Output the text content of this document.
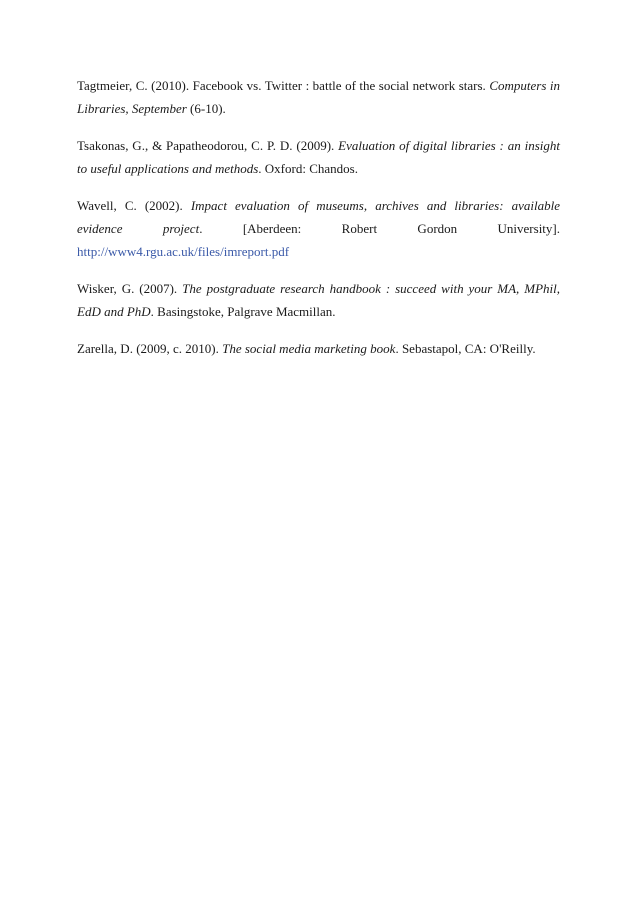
Tagtmeier, C. (2010). Facebook vs. Twitter : battle of the social network stars. Computers in Libraries, September (6-10).

Tsakonas, G., & Papatheodorou, C. P. D. (2009). Evaluation of digital libraries : an insight to useful applications and methods. Oxford: Chandos.

Wavell, C. (2002). Impact evaluation of museums, archives and libraries: available evidence project. [Aberdeen: Robert Gordon University].
http://www4.rgu.ac.uk/files/imreport.pdf

Wisker, G. (2007). The postgraduate research handbook : succeed with your MA, MPhil, EdD and PhD. Basingstoke, Palgrave Macmillan.

Zarella, D. (2009, c. 2010). The social media marketing book. Sebastapol, CA: O'Reilly.
